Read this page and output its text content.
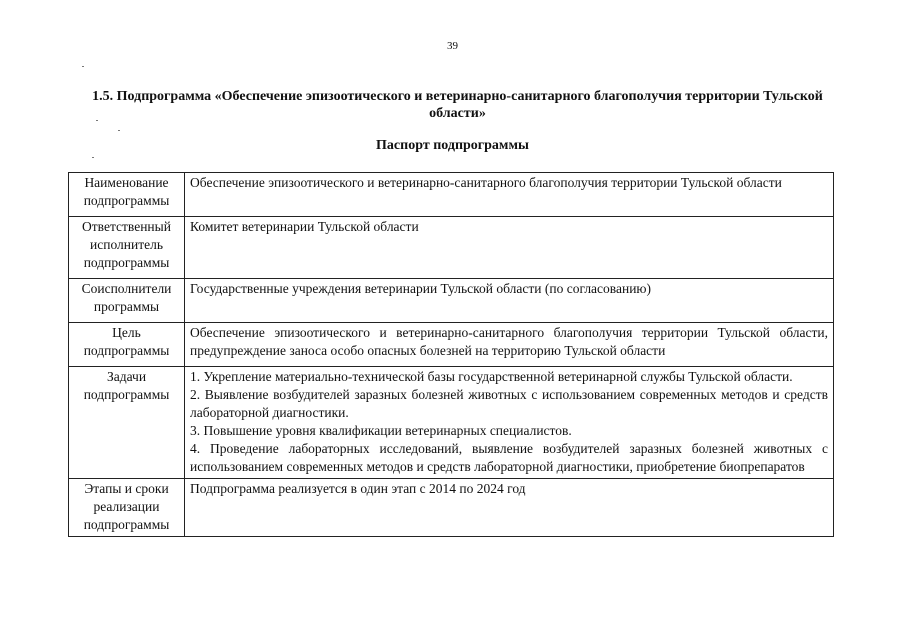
39
1.5. Подпрограмма «Обеспечение эпизоотического и ветеринарно-санитарного благополучия территории Тульской области»
Паспорт подпрограммы
Наименование подпрограммы	Обеспечение эпизоотического и ветеринарно-санитарного благополучия территории Тульской области
Ответственный исполнитель подпрограммы	Комитет ветеринарии Тульской области
Соисполнители программы	Государственные учреждения ветеринарии Тульской области (по согласованию)
Цель подпрограммы	Обеспечение эпизоотического и ветеринарно-санитарного благополучия территории Тульской области, предупреждение заноса особо опасных болезней на территорию Тульской области
Задачи подпрограммы	1. Укрепление материально-технической базы государственной ветеринарной службы Тульской области.
2. Выявление возбудителей заразных болезней животных с использованием современных методов и средств лабораторной диагностики.
3. Повышение уровня квалификации ветеринарных специалистов.
4. Проведение лабораторных исследований, выявление возбудителей заразных болезней животных с использованием современных методов и средств лабораторной диагностики, приобретение биопрепаратов

Этапы и сроки реализации подпрограммы	Подпрограмма реализуется в один этап с 2014 по 2024 год
